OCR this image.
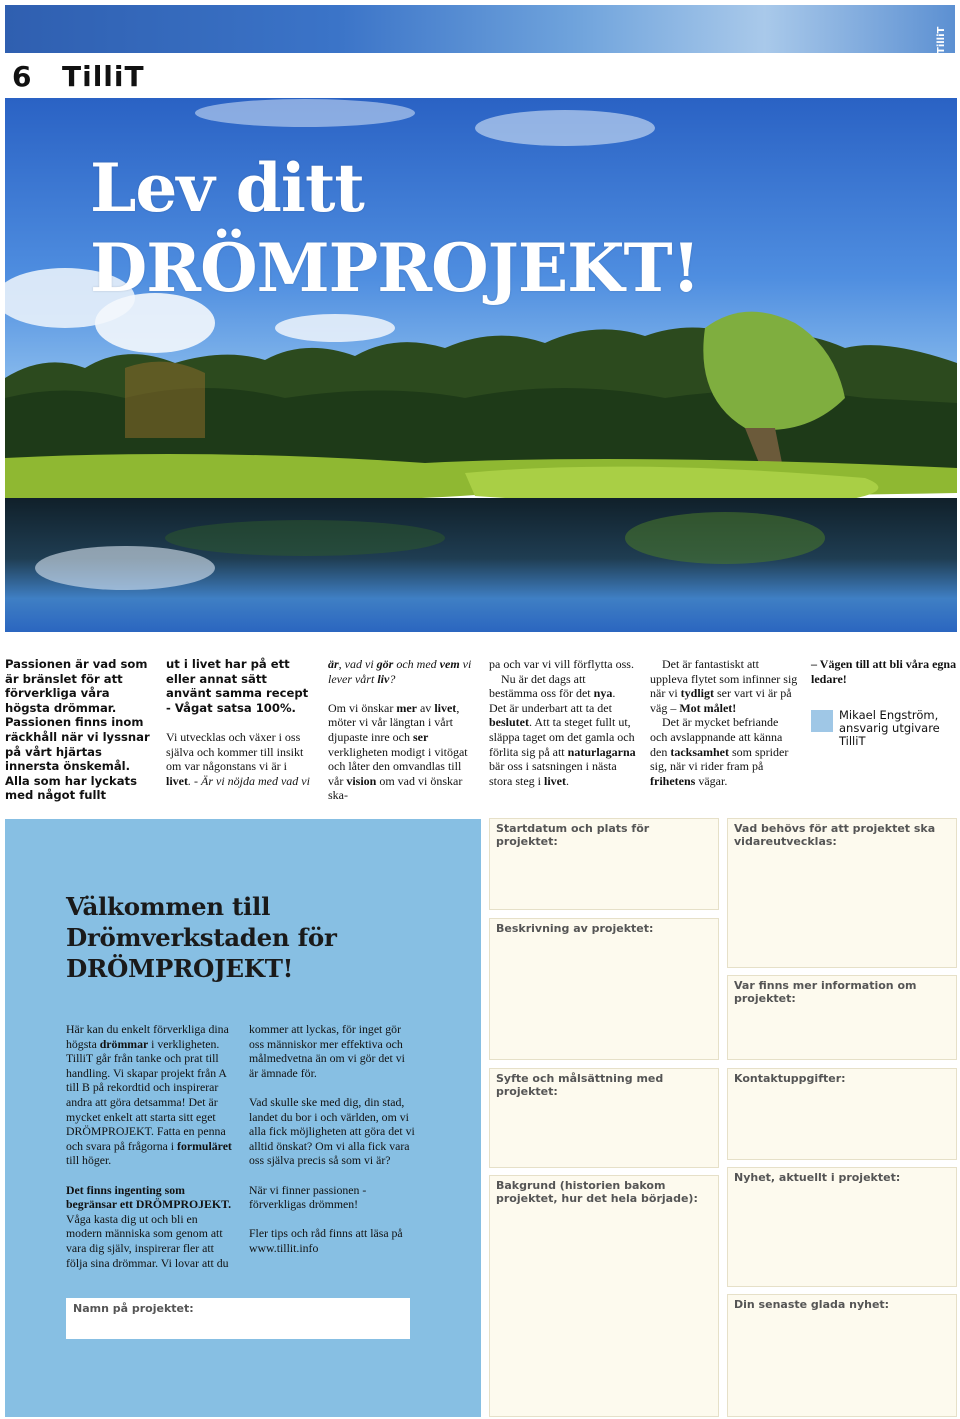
TilliT
6 TilliT
Lev ditt
DRÖMPROJEKT!
Passionen är vad som är bränslet för att förverkliga våra högsta drömmar. Passionen finns inom räckhåll när vi lyssnar på vårt hjärtas innersta önskemål. Alla som har lyckats med något fullt

ut i livet har på ett eller annat sätt använt samma recept - Vågat satsa 100%.

Vi utvecklas och växer i oss själva och kommer till insikt om var någonstans vi är i
livet. - Är vi nöjda med vad vi

är, vad vi gör och med vem vi lever vårt liv?

Om vi önskar mer av livet, möter vi vår längtan i vårt djupaste inre och ser verkligheten modigt i vitögat och låter den omvandlas till vår vision om vad vi önskar ska-

pa och var vi vill förflytta oss.

Nu är det dags att bestämma oss för det nya.

Det är underbart att ta det beslutet. Att ta steget fullt ut, släppa taget om det gamla och förlita sig på att naturlagarna bär oss i satsningen i nästa stora steg i livet.

Det är fantastiskt att uppleva flytet som infinner sig när vi tydligt ser vart vi är på väg – Mot målet!

Det är mycket befriande och avslappnande att känna den tacksamhet som sprider sig, när vi rider fram på frihetens vägar.

– Vägen till att bli våra egna ledare!
Mikael Engström,
ansvarig utgivare TilliT
Välkommen till
Drömverkstaden för
DRÖMPROJEKT!

Här kan du enkelt förverkliga dina högsta drömmar i verkligheten. TilliT går från tanke och prat till handling. Vi skapar projekt från A till B på rekordtid och inspirerar andra att göra detsamma! Det är mycket enkelt att starta sitt eget DRÖMPROJEKT. Fatta en penna och svara på frågorna i formuläret till höger.

Det finns ingenting som begränsar ett DRÖMPROJEKT. Våga kasta dig ut och bli en modern människa som genom att vara dig själv, inspirerar fler att följa sina drömmar. Vi lovar att du

kommer att lyckas, för inget gör oss människor mer effektiva och målmedvetna än om vi gör det vi är ämnade för.

Vad skulle ske med dig, din stad, landet du bor i och världen, om vi alla fick möjligheten att göra det vi alltid önskat? Om vi alla fick vara oss själva precis så som vi är?

När vi finner passionen - förverkligas drömmen!

Fler tips och råd finns att läsa på www.tillit.info

Namn på projektet:
Startdatum och plats för projektet:
Vad behövs för att projektet ska vidareutvecklas:
Beskrivning av projektet:
Var finns mer information om projektet:
Syfte och målsättning med projektet:
Kontaktuppgifter:
Bakgrund (historien bakom projektet, hur det hela började):
Nyhet, aktuellt i projektet:
Din senaste glada nyhet:
